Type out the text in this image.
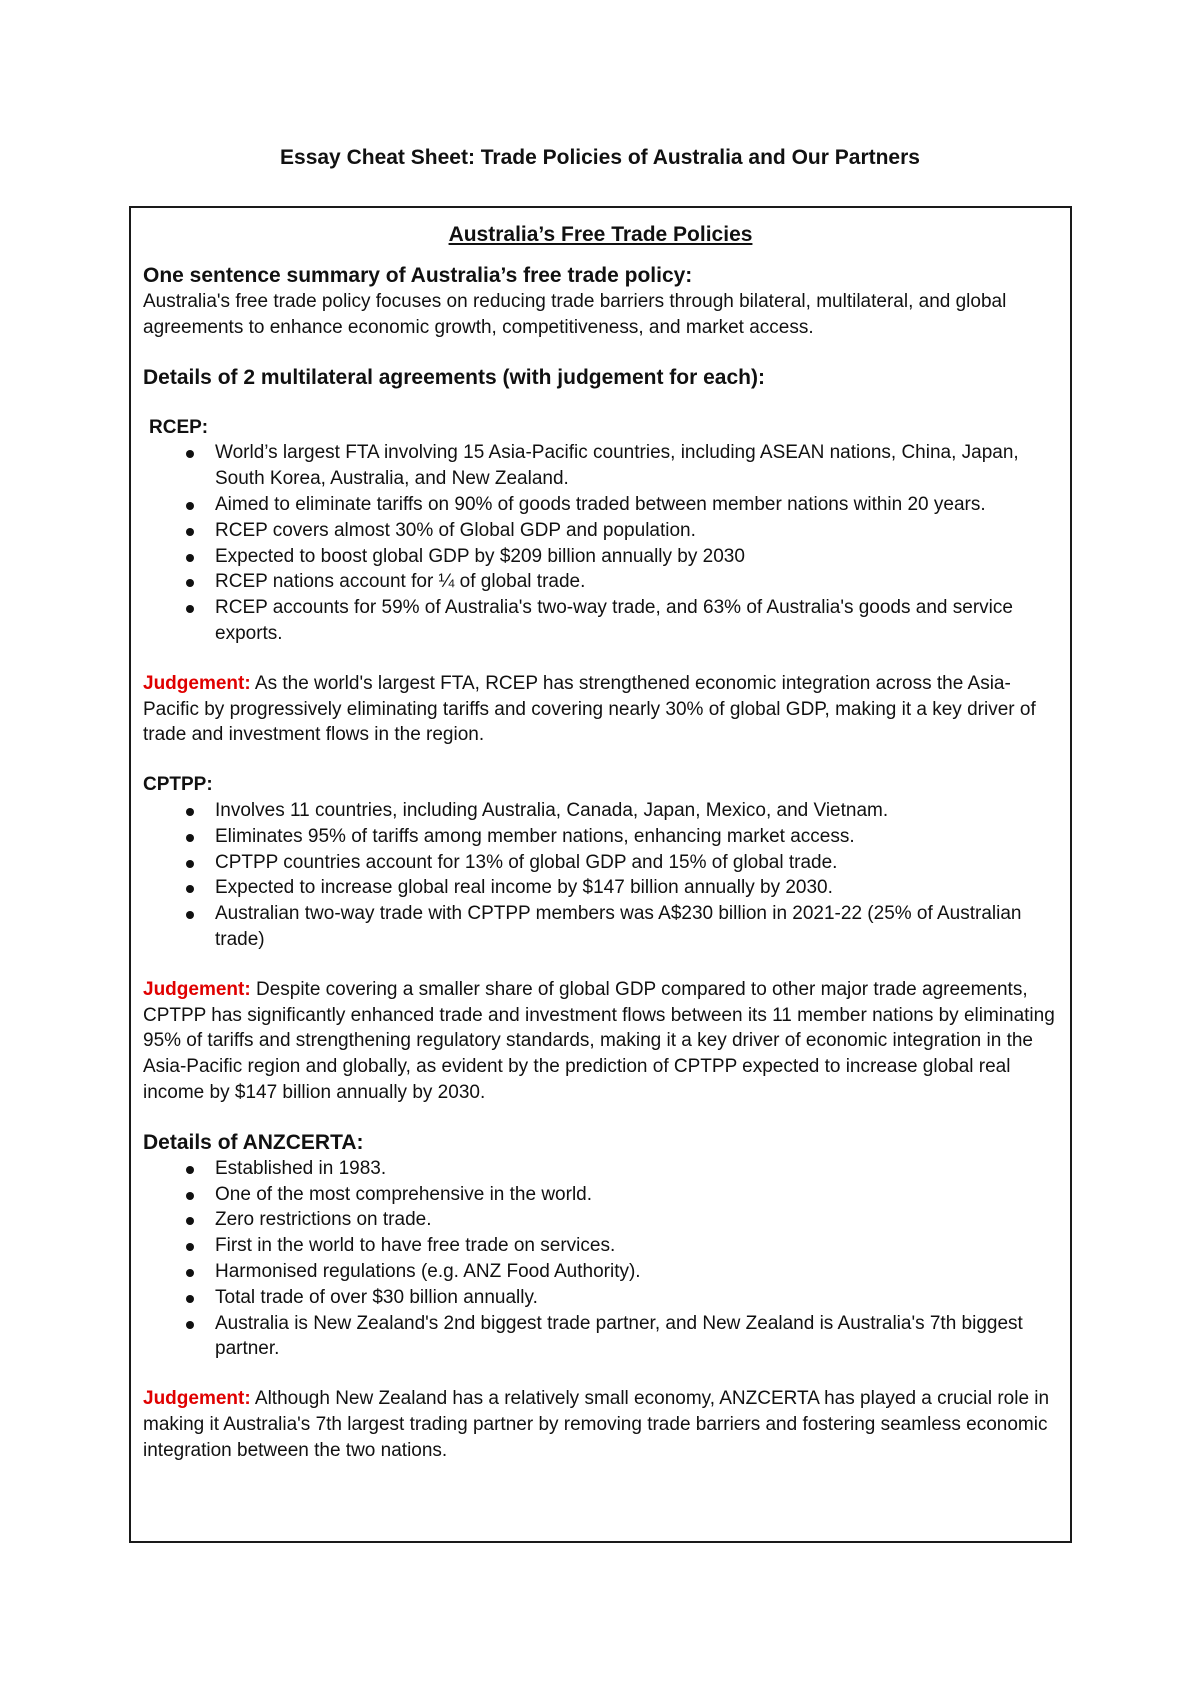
Essay Cheat Sheet: Trade Policies of Australia and Our Partners
Australia’s Free Trade Policies
One sentence summary of Australia’s free trade policy:

Australia's free trade policy focuses on reducing trade barriers through bilateral, multilateral, and global agreements to enhance economic growth, competitiveness, and market access.

Details of 2 multilateral agreements (with judgement for each):
RCEP:
World’s largest FTA involving 15 Asia-Pacific countries, including ASEAN nations, China, Japan, South Korea, Australia, and New Zealand.
Aimed to eliminate tariffs on 90% of goods traded between member nations within 20 years.
RCEP covers almost 30% of Global GDP and population.
Expected to boost global GDP by $209 billion annually by 2030
RCEP nations account for ¼ of global trade.
RCEP accounts for 59% of Australia's two-way trade, and 63% of Australia's goods and service exports.

Judgement: As the world's largest FTA, RCEP has strengthened economic integration across the Asia-Pacific by progressively eliminating tariffs and covering nearly 30% of global GDP, making it a key driver of trade and investment flows in the region.

CPTPP:
Involves 11 countries, including Australia, Canada, Japan, Mexico, and Vietnam.
Eliminates 95% of tariffs among member nations, enhancing market access.
CPTPP countries account for 13% of global GDP and 15% of global trade.
Expected to increase global real income by $147 billion annually by 2030.
Australian two-way trade with CPTPP members was A$230 billion in 2021-22 (25% of Australian trade)

Judgement: Despite covering a smaller share of global GDP compared to other major trade agreements, CPTPP has significantly enhanced trade and investment flows between its 11 member nations by eliminating 95% of tariffs and strengthening regulatory standards, making it a key driver of economic integration in the Asia-Pacific region and globally, as evident by the prediction of CPTPP expected to increase global real income by $147 billion annually by 2030.

Details of ANZCERTA:
Established in 1983.
One of the most comprehensive in the world.
Zero restrictions on trade.
First in the world to have free trade on services.
Harmonised regulations (e.g. ANZ Food Authority).
Total trade of over $30 billion annually.
Australia is New Zealand's 2nd biggest trade partner, and New Zealand is Australia's 7th biggest partner.

Judgement: Although New Zealand has a relatively small economy, ANZCERTA has played a crucial role in making it Australia's 7th largest trading partner by removing trade barriers and fostering seamless economic integration between the two nations.
